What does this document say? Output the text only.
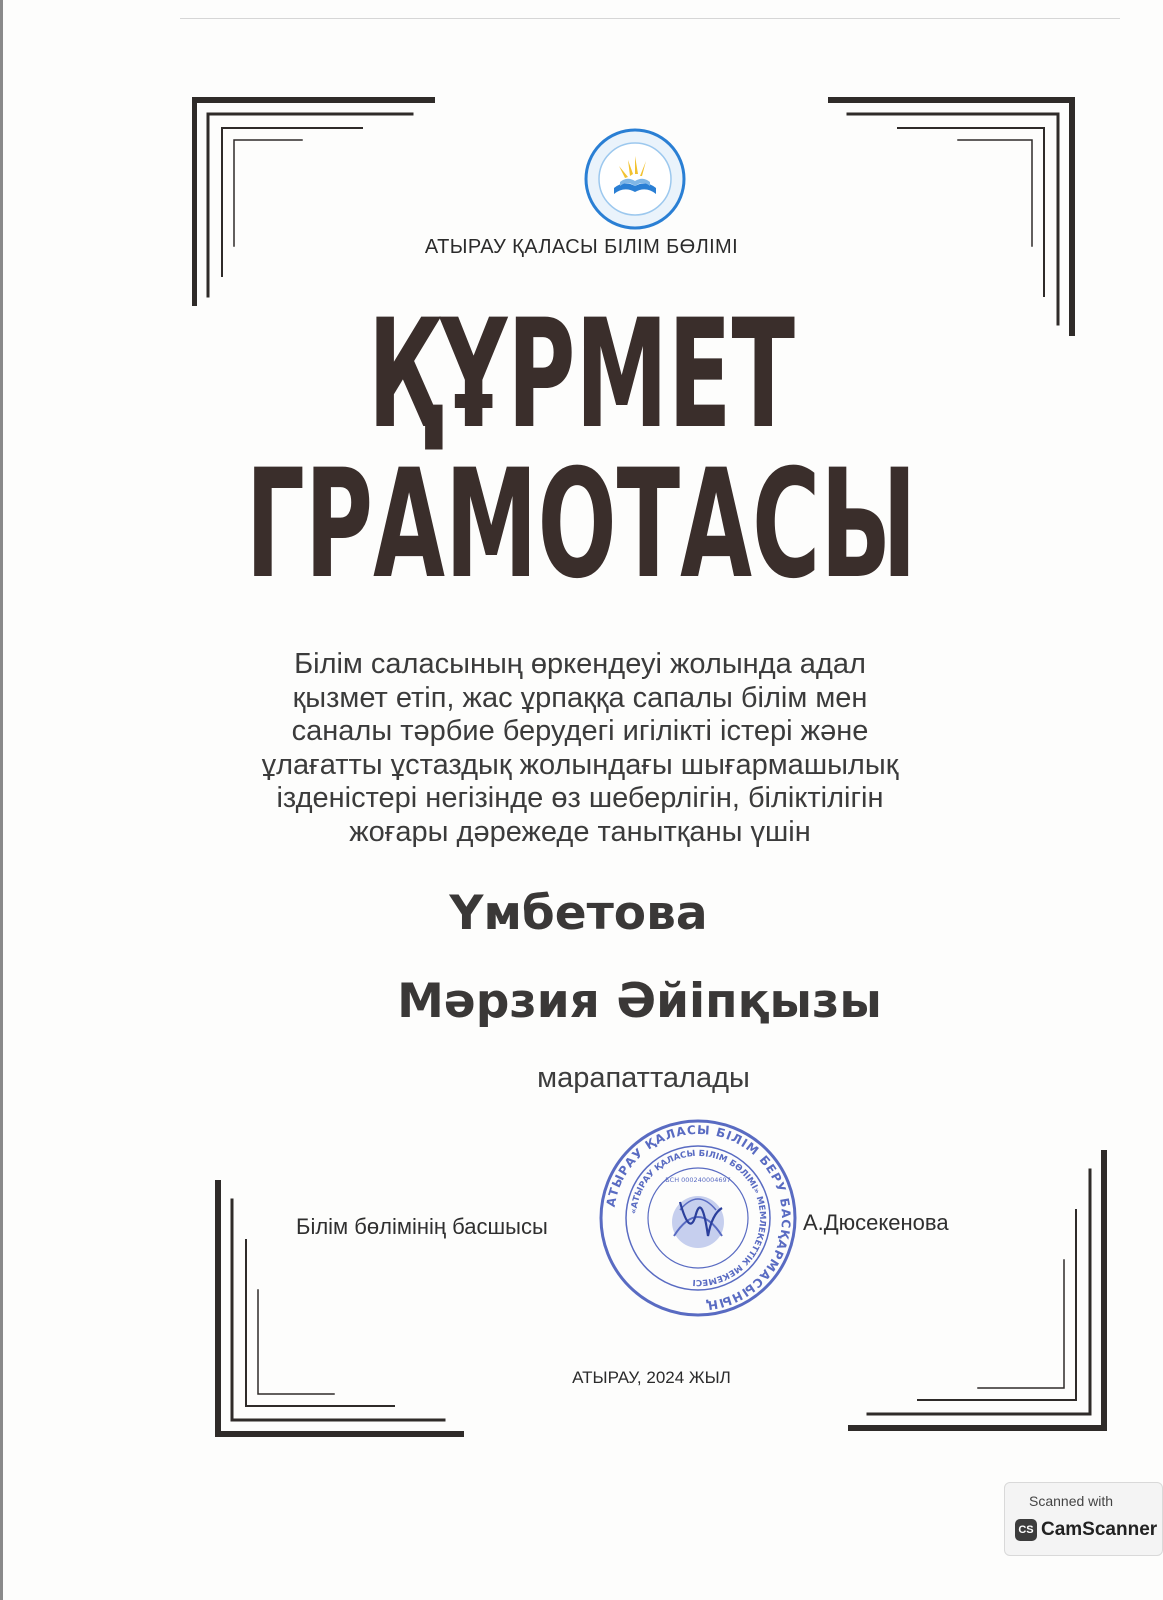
АТЫРАУ ҚАЛАСЫ БІЛІМ БӨЛІМІ
ҚҰРМЕТ
ГРАМОТАСЫ
Білім саласының өркендеуі жолында адал
қызмет етіп, жас ұрпаққа сапалы білім мен
саналы тәрбие берудегі игілікті істері және
ұлағатты ұстаздық жолындағы шығармашылық
ізденістері негізінде өз шеберлігін, біліктілігін
жоғары дәрежеде танытқаны үшін
Үмбетова
Мәрзия Әйіпқызы
марапатталады
Білім бөлімінің басшысы
АТЫРАУ ҚАЛАСЫ БІЛІМ БЕРУ БАСҚАРМАСЫНЫҢ
«АТЫРАУ ҚАЛАСЫ БІЛІМ БӨЛІМІ» МЕМЛЕКЕТТІК МЕКЕМЕСІ
БСН 000240004697
А.Дюсекенова
АТЫРАУ, 2024 ЖЫЛ
Scanned with
CS CamScanner
